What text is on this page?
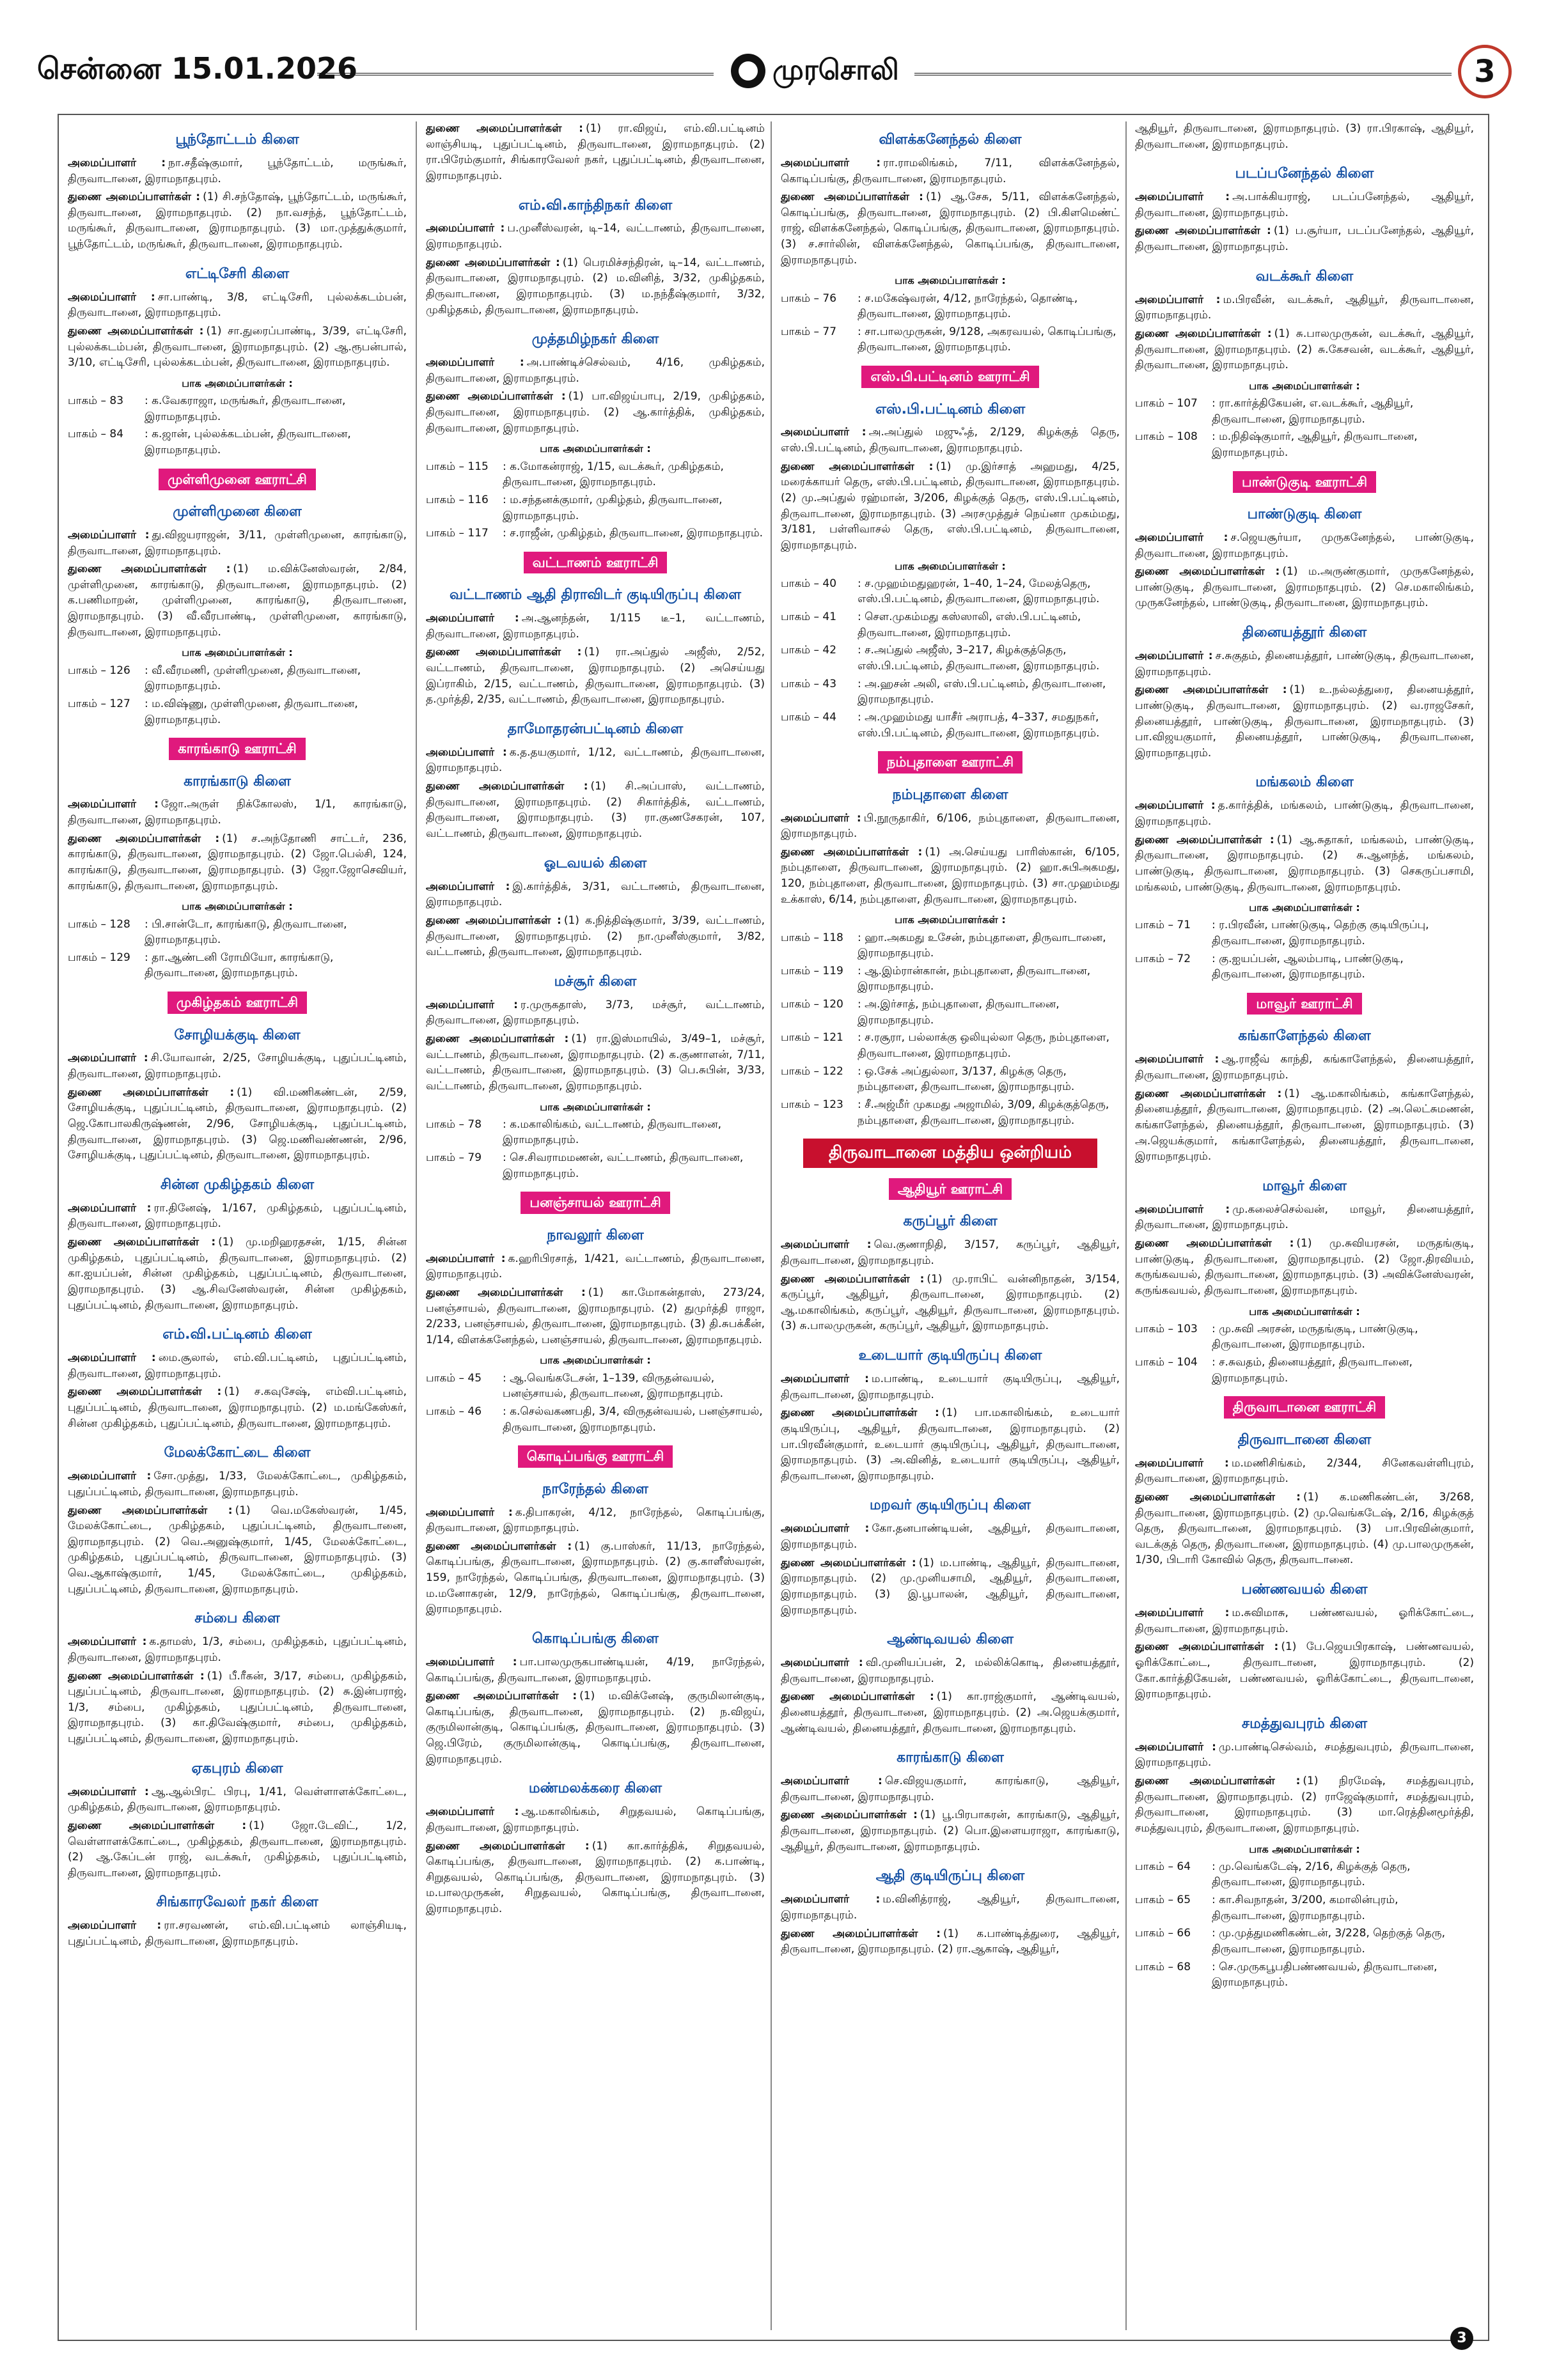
சென்னை 15.01.2026	முரசொலி	3
பூந்தோட்டம் கிளை

அமைப்பாளர் : நா.சதீஷ்குமார், பூந்தோட்டம், மருங்கூர், திருவாடானை, இராமநாதபுரம்.

துணை அமைப்பாளர்கள் : (1) சி.சந்தோஷ், பூந்தோட்டம், மருங்கூர், திருவாடானை, இராமநாதபுரம். (2) நா.வசந்த், பூந்தோட்டம், மருங்கூர், திருவாடானை, இராமநாதபுரம். (3) மா.முத்துக்குமார், பூந்தோட்டம், மருங்கூர், திருவாடானை, இராமநாதபுரம்.

எட்டிசேரி கிளை

அமைப்பாளர் : சா.பாண்டி, 3/8, எட்டிசேரி, புல்லக்கடம்பன், திருவாடானை, இராமநாதபுரம்.

துணை அமைப்பாளர்கள் : (1) சா.துரைப்பாண்டி, 3/39, எட்டிசேரி, புல்லக்கடம்பன், திருவாடானை, இராமநாதபுரம். (2) ஆ.ரூபன்பால், 3/10, எட்டிசேரி, புல்லக்கடம்பன், திருவாடானை, இராமநாதபுரம்.

பாக அமைப்பாளர்கள் :
பாகம் – 83	: க.வேகராஜா, மருங்கூர், திருவாடானை, இராமநாதபுரம்.
பாகம் – 84	: க.ஜான், புல்லக்கடம்பன், திருவாடானை, இராமநாதபுரம்.
முள்ளிமுனை ஊராட்சி
முள்ளிமுனை கிளை

அமைப்பாளர் : து.விஜயராஜன், 3/11, முள்ளிமுனை, காரங்காடு, திருவாடானை, இராமநாதபுரம்.

துணை அமைப்பாளர்கள் : (1) ம.விக்னேஸ்வரன், 2/84, முள்ளிமுனை, காரங்காடு, திருவாடானை, இராமநாதபுரம். (2) க.பணிமாறன், முள்ளிமுனை, காரங்காடு, திருவாடானை, இராமநாதபுரம். (3) வீ.வீரபாண்டி, முள்ளிமுனை, காரங்காடு, திருவாடானை, இராமநாதபுரம்.

பாக அமைப்பாளர்கள் :
பாகம் – 126	: வீ.வீரமணி, முள்ளிமுனை, திருவாடானை, இராமநாதபுரம்.
பாகம் – 127	: ம.விஷ்ணு, முள்ளிமுனை, திருவாடானை, இராமநாதபுரம்.
காரங்காடு ஊராட்சி
காரங்காடு கிளை

அமைப்பாளர் : ஜோ.அருள் நிக்கோலஸ், 1/1, காரங்காடு, திருவாடானை, இராமநாதபுரம்.

துணை அமைப்பாளர்கள் : (1) ச.அந்தோணி சாட்டர், 236, காரங்காடு, திருவாடானை, இராமநாதபுரம். (2) ஜோ.பெல்சி, 124, காரங்காடு, திருவாடானை, இராமநாதபுரம். (3) ஜோ.ஜோசெவியர், காரங்காடு, திருவாடானை, இராமநாதபுரம்.

பாக அமைப்பாளர்கள் :
பாகம் – 128	: பி.சான்டோ, காரங்காடு, திருவாடானை, இராமநாதபுரம்.
பாகம் – 129	: தா.ஆண்டனி ரோமியோ, காரங்காடு, திருவாடானை, இராமநாதபுரம்.
முகிழ்தகம் ஊராட்சி
சோழியக்குடி கிளை

அமைப்பாளர் : சி.யோவான், 2/25, சோழியக்குடி, புதுப்பட்டினம், திருவாடானை, இராமநாதபுரம்.

துணை அமைப்பாளர்கள் : (1) வி.மணிகண்டன், 2/59, சோழியக்குடி, புதுப்பட்டினம், திருவாடானை, இராமநாதபுரம். (2) ஜெ.கோபாலகிருஷ்ணன், 2/96, சோழியக்குடி, புதுப்பட்டினம், திருவாடானை, இராமநாதபுரம். (3) ஜெ.மணிவண்ணன், 2/96, சோழியக்குடி, புதுப்பட்டினம், திருவாடானை, இராமநாதபுரம்.

சின்ன முகிழ்தகம் கிளை

அமைப்பாளர் : ரா.தினேஷ், 1/167, முகிழ்தகம், புதுப்பட்டினம், திருவாடானை, இராமநாதபுரம்.

துணை அமைப்பாளர்கள் : (1) மு.மறிஹரதசன், 1/15, சின்ன முகிழ்தகம், புதுப்பட்டினம், திருவாடானை, இராமநாதபுரம். (2) கா.ஐயப்பன், சின்ன முகிழ்தகம், புதுப்பட்டினம், திருவாடானை, இராமநாதபுரம். (3) ஆ.சிவனேஸ்வரன், சின்ன முகிழ்தகம், புதுப்பட்டினம், திருவாடானை, இராமநாதபுரம்.

எம்.வி.பட்டினம் கிளை

அமைப்பாளர் : மை.சூலால், எம்.வி.பட்டினம், புதுப்பட்டினம், திருவாடானை, இராமநாதபுரம்.

துணை அமைப்பாளர்கள் : (1) ச.கவுசேஷ், எம்வி.பட்டினம், புதுப்பட்டினம், திருவாடானை, இராமநாதபுரம். (2) ம.மங்கேஸ்கர், சின்ன முகிழ்தகம், புதுப்பட்டினம், திருவாடானை, இராமநாதபுரம்.

மேலக்கோட்டை கிளை

அமைப்பாளர் : சோ.முத்து, 1/33, மேலக்கோட்டை, முகிழ்தகம், புதுப்பட்டினம், திருவாடானை, இராமநாதபுரம்.

துணை அமைப்பாளர்கள் : (1) வெ.மகேஸ்வரன், 1/45, மேலக்கோட்டை, முகிழ்தகம், புதுப்பட்டினம், திருவாடானை, இராமநாதபுரம். (2) வெ.அனுஷ்குமார், 1/45, மேலக்கோட்டை, முகிழ்தகம், புதுப்பட்டினம், திருவாடானை, இராமநாதபுரம். (3) வெ.ஆகாஷ்குமார், 1/45, மேலக்கோட்டை, முகிழ்தகம், புதுப்பட்டினம், திருவாடானை, இராமநாதபுரம்.

சம்பை கிளை

அமைப்பாளர் : க.தாமஸ், 1/3, சம்பை, முகிழ்தகம், புதுப்பட்டினம், திருவாடானை, இராமநாதபுரம்.

துணை அமைப்பாளர்கள் : (1) பீ.ரீகன், 3/17, சம்பை, முகிழ்தகம், புதுப்பட்டினம், திருவாடானை, இராமநாதபுரம். (2) சு.இன்பராஜ், 1/3, சம்பை, முகிழ்தகம், புதுப்பட்டினம், திருவாடானை, இராமநாதபுரம். (3) கா.திவேஷ்குமார், சம்பை, முகிழ்தகம், புதுப்பட்டினம், திருவாடானை, இராமநாதபுரம்.

ஏகபுரம் கிளை

அமைப்பாளர் : ஆ.ஆல்பிரட் பிரபு, 1/41, வெள்ளாளக்கோட்டை, முகிழ்தகம், திருவாடானை, இராமநாதபுரம்.

துணை அமைப்பாளர்கள் : (1) ஜோ.டேவிட், 1/2, வெள்ளாளக்கோட்டை, முகிழ்தகம், திருவாடானை, இராமநாதபுரம். (2) ஆ.கேப்டன் ராஜ், வடக்கூர், முகிழ்தகம், புதுப்பட்டினம், திருவாடானை, இராமநாதபுரம்.

சிங்காரவேலர் நகர் கிளை

அமைப்பாளர் : ரா.சரவணன், எம்.வி.பட்டினம் லாஞ்சியடி, புதுப்பட்டினம், திருவாடானை, இராமநாதபுரம்.

துணை அமைப்பாளர்கள் : (1) ரா.விஜய், எம்.வி.பட்டினம் லாஞ்சியடி, புதுப்பட்டினம், திருவாடானை, இராமநாதபுரம். (2) ரா.பிரேம்குமார், சிங்காரவேலர் நகர், புதுப்பட்டினம், திருவாடானை, இராமநாதபுரம்.

எம்.வி.காந்திநகர் கிளை

அமைப்பாளர் : ப.முனீஸ்வரன், டி–14, வட்டாணம், திருவாடானை, இராமநாதபுரம்.

துணை அமைப்பாளர்கள் : (1) பெரமிச்சந்திரன், டி–14, வட்டாணம், திருவாடானை, இராமநாதபுரம். (2) ம.வினித், 3/32, முகிழ்தகம், திருவாடானை, இராமநாதபுரம். (3) ம.நந்தீஷ்குமார், 3/32, முகிழ்தகம், திருவாடானை, இராமநாதபுரம்.

முத்தமிழ்நகர் கிளை

அமைப்பாளர் : அ.பாண்டிச்செல்வம், 4/16, முகிழ்தகம், திருவாடானை, இராமநாதபுரம்.

துணை அமைப்பாளர்கள் : (1) பா.விஜய்பாபு, 2/19, முகிழ்தகம், திருவாடானை, இராமநாதபுரம். (2) ஆ.கார்த்திக், முகிழ்தகம், திருவாடானை, இராமநாதபுரம்.

பாக அமைப்பாளர்கள் :
பாகம் – 115	: க.மோகன்ராஜ், 1/15, வடக்கூர், முகிழ்தகம், திருவாடானை, இராமநாதபுரம்.
பாகம் – 116	: ம.சந்தனக்குமார், முகிழ்தம், திருவாடானை, இராமநாதபுரம்.
பாகம் – 117	: ச.ராஜீன், முகிழ்தம், திருவாடானை, இராமநாதபுரம்.
வட்டாணம் ஊராட்சி
வட்டாணம் ஆதி திராவிடர் குடியிருப்பு கிளை

அமைப்பாளர் : அ.ஆனந்தன், 1/115 டீ–1, வட்டாணம், திருவாடானை, இராமநாதபுரம்.

துணை அமைப்பாளர்கள் : (1) ரா.அப்துல் அஜீஸ், 2/52, வட்டாணம், திருவாடானை, இராமநாதபுரம். (2) அசெய்யது இப்ராகிம், 2/15, வட்டாணம், திருவாடானை, இராமநாதபுரம். (3) த.முர்த்தி, 2/35, வட்டாணம், திருவாடானை, இராமநாதபுரம்.

தாமோதரன்பட்டினம் கிளை

அமைப்பாளர் : க.த.தயகுமார், 1/12, வட்டாணம், திருவாடானை, இராமநாதபுரம்.

துணை அமைப்பாளர்கள் : (1) சி.அப்பாஸ், வட்டாணம், திருவாடானை, இராமநாதபுரம். (2) சிகார்த்திக், வட்டாணம், திருவாடானை, இராமநாதபுரம். (3) ரா.குணசேகரன், 107, வட்டாணம், திருவாடானை, இராமநாதபுரம்.

ஓடவயல் கிளை

அமைப்பாளர் : இ.கார்த்திக், 3/31, வட்டாணம், திருவாடானை, இராமநாதபுரம்.

துணை அமைப்பாளர்கள் : (1) க.நித்திஷ்குமார், 3/39, வட்டாணம், திருவாடானை, இராமநாதபுரம். (2) நா.முனீஸ்குமார், 3/82, வட்டாணம், திருவாடானை, இராமநாதபுரம்.

மச்சூர் கிளை

அமைப்பாளர் : ர.முருகதாஸ், 3/73, மச்சூர், வட்டாணம், திருவாடானை, இராமநாதபுரம்.

துணை அமைப்பாளர்கள் : (1) ரா.இஸ்மாயில், 3/49–1, மச்சூர், வட்டாணம், திருவாடானை, இராமநாதபுரம். (2) க.குணாளன், 7/11, வட்டாணம், திருவாடானை, இராமநாதபுரம். (3) பெ.சுபின், 3/33, வட்டாணம், திருவாடானை, இராமநாதபுரம்.

பாக அமைப்பாளர்கள் :
பாகம் – 78	: க.மகாலிங்கம், வட்டாணம், திருவாடானை, இராமநாதபுரம்.
பாகம் – 79	: செ.சிவராமமணன், வட்டாணம், திருவாடானை, இராமநாதபுரம்.
பனஞ்சாயல் ஊராட்சி
நாவலூர் கிளை

அமைப்பாளர் : க.ஹரிபிரசாத், 1/421, வட்டாணம், திருவாடானை, இராமநாதபுரம்.

துணை அமைப்பாளர்கள் : (1) கா.மோகன்தாஸ், 273/24, பனஞ்சாயல், திருவாடானை, இராமநாதபுரம். (2) துமுர்த்தி ராஜா, 2/233, பனஞ்சாயல், திருவாடானை, இராமநாதபுரம். (3) தி.சுபக்கீன், 1/14, விளக்கனேந்தல், பனஞ்சாயல், திருவாடானை, இராமநாதபுரம்.

பாக அமைப்பாளர்கள் :
பாகம் – 45	: ஆ.வெங்கடேசன், 1–139, விருதன்வயல், பனஞ்சாயல், திருவாடானை, இராமநாதபுரம்.
பாகம் – 46	: க.செல்வகணபதி, 3/4, விருதன்வயல், பனஞ்சாயல், திருவாடானை, இராமநாதபுரம்.
கொடிப்பங்கு ஊராட்சி
நாரேந்தல் கிளை

அமைப்பாளர் : க.திபாகரன், 4/12, நாரேந்தல், கொடிப்பங்கு, திருவாடானை, இராமநாதபுரம்.

துணை அமைப்பாளர்கள் : (1) கு.பாஸ்கர், 11/13, நாரேந்தல், கொடிப்பங்கு, திருவாடானை, இராமநாதபுரம். (2) கு.காளீஸ்வரன், 159, நாரேந்தல், கொடிப்பங்கு, திருவாடானை, இராமநாதபுரம். (3) ம.மனோகரன், 12/9, நாரேந்தல், கொடிப்பங்கு, திருவாடானை, இராமநாதபுரம்.

கொடிப்பங்கு கிளை

அமைப்பாளர் : பா.பாலமுருகபாண்டியன், 4/19, நாரேந்தல், கொடிப்பங்கு, திருவாடானை, இராமநாதபுரம்.

துணை அமைப்பாளர்கள் : (1) ம.விக்னேஷ், குருமிலான்குடி, கொடிப்பங்கு, திருவாடானை, இராமநாதபுரம். (2) ந.விஜய், குருமிலான்குடி, கொடிப்பங்கு, திருவாடானை, இராமநாதபுரம். (3) ஜெ.பிரேம், குருமிலான்குடி, கொடிப்பங்கு, திருவாடானை, இராமநாதபுரம்.

மண்மலக்கரை கிளை

அமைப்பாளர் : ஆ.மகாலிங்கம், சிறுதவயல், கொடிப்பங்கு, திருவாடானை, இராமநாதபுரம்.

துணை அமைப்பாளர்கள் : (1) கா.கார்த்திக், சிறுதவயல், கொடிப்பங்கு, திருவாடானை, இராமநாதபுரம். (2) க.பாண்டி, சிறுதவயல், கொடிப்பங்கு, திருவாடானை, இராமநாதபுரம். (3) ம.பாலமுருகன், சிறுதவயல், கொடிப்பங்கு, திருவாடானை, இராமநாதபுரம்.

விளக்கனேந்தல் கிளை

அமைப்பாளர் : ரா.ராமலிங்கம், 7/11, விளக்கனேந்தல், கொடிப்பங்கு, திருவாடானை, இராமநாதபுரம்.

துணை அமைப்பாளர்கள் : (1) ஆ.சேசு, 5/11, விளக்கனேந்தல், கொடிப்பங்கு, திருவாடானை, இராமநாதபுரம். (2) பி.கிளமெண்ட் ராஜ், விளக்கனேந்தல், கொடிப்பங்கு, திருவாடானை, இராமநாதபுரம். (3) ச.சார்லின், விளக்கனேந்தல், கொடிப்பங்கு, திருவாடானை, இராமநாதபுரம்.

பாக அமைப்பாளர்கள் :
பாகம் – 76	: ச.மகேஷ்வரன், 4/12, நாரேந்தல், தொண்டி, திருவாடானை, இராமநாதபுரம்.
பாகம் – 77	: சா.பாலமுருகன், 9/128, அகரவயல், கொடிப்பங்கு, திருவாடானை, இராமநாதபுரம்.
எஸ்.பி.பட்டினம் ஊராட்சி
எஸ்.பி.பட்டினம் கிளை

அமைப்பாளர் : அ.அப்துல் மஜுஃத், 2/129, கிழக்குத் தெரு, எஸ்.பி.பட்டினம், திருவாடானை, இராமநாதபுரம்.

துணை அமைப்பாளர்கள் : (1) மு.இர்சாத் அஹமது, 4/25, மரைக்காயர் தெரு, எஸ்.பி.பட்டினம், திருவாடானை, இராமநாதபுரம். (2) மு.அப்துல் ரஹ்மான், 3/206, கிழக்குத் தெரு, எஸ்.பி.பட்டினம், திருவாடானை, இராமநாதபுரம். (3) அரசமுத்துச் நெய்னா முகம்மது, 3/181, பள்ளிவாசல் தெரு, எஸ்.பி.பட்டினம், திருவாடானை, இராமநாதபுரம்.

பாக அமைப்பாளர்கள் :
பாகம் – 40	: ச.முஹம்மதுஹரன், 1–40, 1–24, மேலத்தெரு, எஸ்.பி.பட்டினம், திருவாடானை, இராமநாதபுரம்.
பாகம் – 41	: சௌ.முகம்மது கஸ்ஸாலி, எஸ்.பி.பட்டினம், திருவாடானை, இராமநாதபுரம்.
பாகம் – 42	: ச.அப்துல் அஜீஸ், 3–217, கிழக்குத்தெரு, எஸ்.பி.பட்டினம், திருவாடானை, இராமநாதபுரம்.
பாகம் – 43	: அ.ஹசன் அலி, எஸ்.பி.பட்டினம், திருவாடானை, இராமநாதபுரம்.
பாகம் – 44	: அ.முஹம்மது யாசீர் அராபத், 4–337, சமதுநகர், எஸ்.பி.பட்டினம், திருவாடானை, இராமநாதபுரம்.
நம்புதாளை ஊராட்சி
நம்புதாளை கிளை

அமைப்பாளர் : பி.நூருதாகிர், 6/106, நம்புதாளை, திருவாடானை, இராமநாதபுரம்.

துணை அமைப்பாளர்கள் : (1) அ.செய்யது பாரிஸ்கான், 6/105, நம்புதாளை, திருவாடானை, இராமநாதபுரம். (2) ஹா.சுபிஅகமது, 120, நம்புதாளை, திருவாடானை, இராமநாதபுரம். (3) சா.முஹம்மது உக்காஸ், 6/14, நம்புதாளை, திருவாடானை, இராமநாதபுரம்.

பாக அமைப்பாளர்கள் :
பாகம் – 118	: ஹா.அகமது உசேன், நம்புதாளை, திருவாடானை, இராமநாதபுரம்.
பாகம் – 119	: ஆ.இம்ரான்கான், நம்புதாளை, திருவாடானை, இராமநாதபுரம்.
பாகம் – 120	: அ.இர்சாத், நம்புதாளை, திருவாடானை, இராமநாதபுரம்.
பாகம் – 121	: ச.ரசூரா, பல்லாக்கு ஒலியுல்லா தெரு, நம்புதாளை, திருவாடானை, இராமநாதபுரம்.
பாகம் – 122	: ஒ.சேக் அப்துல்லா, 3/137, கிழக்கு தெரு, நம்புதாளை, திருவாடானை, இராமநாதபுரம்.
பாகம் – 123	: சீ.அஜ்மீர் முகமது அஜாமில், 3/09, கிழக்குத்தெரு, நம்புதாளை, திருவாடானை, இராமநாதபுரம்.
திருவாடானை மத்திய ஒன்றியம்
ஆதியூர் ஊராட்சி
கருப்பூர் கிளை

அமைப்பாளர் : வெ.குணாநிதி, 3/157, கருப்பூர், ஆதியூர், திருவாடானை, இராமநாதபுரம்.

துணை அமைப்பாளர்கள் : (1) மு.ராபிட் வன்னிநாதன், 3/154, கருப்பூர், ஆதியூர், திருவாடானை, இராமநாதபுரம். (2) ஆ.மகாலிங்கம், கருப்பூர், ஆதியூர், திருவாடானை, இராமநாதபுரம். (3) சு.பாலமுருகன், கருப்பூர், ஆதியூர், இராமநாதபுரம்.

உடையார் குடியிருப்பு கிளை

அமைப்பாளர் : ம.பாண்டி, உடையார் குடியிருப்பு, ஆதியூர், திருவாடானை, இராமநாதபுரம்.

துணை அமைப்பாளர்கள் : (1) பா.மகாலிங்கம், உடையார் குடியிருப்பு, ஆதியூர், திருவாடானை, இராமநாதபுரம். (2) பா.பிரவீன்குமார், உடையார் குடியிருப்பு, ஆதியூர், திருவாடானை, இராமநாதபுரம். (3) அ.வினித், உடையார் குடியிருப்பு, ஆதியூர், திருவாடானை, இராமநாதபுரம்.

மறவர் குடியிருப்பு கிளை

அமைப்பாளர் : கோ.தனபாண்டியன், ஆதியூர், திருவாடானை, இராமநாதபுரம்.

துணை அமைப்பாளர்கள் : (1) ம.பாண்டி, ஆதியூர், திருவாடானை, இராமநாதபுரம். (2) மு.முனியசாமி, ஆதியூர், திருவாடானை, இராமநாதபுரம். (3) இ.பூபாலன், ஆதியூர், திருவாடானை, இராமநாதபுரம்.

ஆண்டிவயல் கிளை

அமைப்பாளர் : வி.முனியப்பன், 2, மல்லிக்கொடி, தினையத்தூர், திருவாடானை, இராமநாதபுரம்.

துணை அமைப்பாளர்கள் : (1) கா.ராஜ்குமார், ஆண்டிவயல், தினையத்தூர், திருவாடானை, இராமநாதபுரம். (2) அ.ஜெயக்குமார், ஆண்டிவயல், தினையத்தூர், திருவாடானை, இராமநாதபுரம்.

காரங்காடு கிளை

அமைப்பாளர் : செ.விஜயகுமார், காரங்காடு, ஆதியூர், திருவாடானை, இராமநாதபுரம்.

துணை அமைப்பாளர்கள் : (1) பூ.பிரபாகரன், காரங்காடு, ஆதியூர், திருவாடானை, இராமநாதபுரம். (2) பொ.இளையராஜா, காரங்காடு, ஆதியூர், திருவாடானை, இராமநாதபுரம்.

ஆதி குடியிருப்பு கிளை

அமைப்பாளர் : ம.வினித்ராஜ், ஆதியூர், திருவாடானை, இராமநாதபுரம்.

துணை அமைப்பாளர்கள் : (1) க.பாண்டித்துரை, ஆதியூர், திருவாடானை, இராமநாதபுரம். (2) ரா.ஆகாஷ், ஆதியூர்,

ஆதியூர், திருவாடானை, இராமநாதபுரம். (3) ரா.பிரகாஷ், ஆதியூர், திருவாடானை, இராமநாதபுரம்.

படப்பனேந்தல் கிளை

அமைப்பாளர் : அ.பாக்கியராஜ், படப்பனேந்தல், ஆதியூர், திருவாடானை, இராமநாதபுரம்.

துணை அமைப்பாளர்கள் : (1) ப.சூர்யா, படப்பனேந்தல், ஆதியூர், திருவாடானை, இராமநாதபுரம்.

வடக்கூர் கிளை

அமைப்பாளர் : ம.பிரவீன், வடக்கூர், ஆதியூர், திருவாடானை, இராமநாதபுரம்.

துணை அமைப்பாளர்கள் : (1) சு.பாலமுருகன், வடக்கூர், ஆதியூர், திருவாடானை, இராமநாதபுரம். (2) சு.கேசவன், வடக்கூர், ஆதியூர், திருவாடானை, இராமநாதபுரம்.

பாக அமைப்பாளர்கள் :
பாகம் – 107	: ரா.கார்த்திகேயன், எ.வடக்கூர், ஆதியூர், திருவாடானை, இராமநாதபுரம்.
பாகம் – 108	: ம.நிதிஷ்குமார், ஆதியூர், திருவாடானை, இராமநாதபுரம்.
பாண்டுகுடி ஊராட்சி
பாண்டுகுடி கிளை

அமைப்பாளர் : ச.ஜெயசூர்யா, முருகனேந்தல், பாண்டுகுடி, திருவாடானை, இராமநாதபுரம்.

துணை அமைப்பாளர்கள் : (1) ம.அருண்குமார், முருகனேந்தல், பாண்டுகுடி, திருவாடானை, இராமநாதபுரம். (2) செ.மகாலிங்கம், முருகனேந்தல், பாண்டுகுடி, திருவாடானை, இராமநாதபுரம்.

தினையத்தூர் கிளை

அமைப்பாளர் : ச.சுகுதம், தினையத்தூர், பாண்டுகுடி, திருவாடானை, இராமநாதபுரம்.

துணை அமைப்பாளர்கள் : (1) உ.நல்லத்துரை, தினையத்தூர், பாண்டுகுடி, திருவாடானை, இராமநாதபுரம். (2) வ.ராஜசேகர், தினையத்தூர், பாண்டுகுடி, திருவாடானை, இராமநாதபுரம். (3) பா.விஜயகுமார், தினையத்தூர், பாண்டுகுடி, திருவாடானை, இராமநாதபுரம்.

மங்கலம் கிளை

அமைப்பாளர் : த.கார்த்திக், மங்கலம், பாண்டுகுடி, திருவாடானை, இராமநாதபுரம்.

துணை அமைப்பாளர்கள் : (1) ஆ.சுதாகர், மங்கலம், பாண்டுகுடி, திருவாடானை, இராமநாதபுரம். (2) சு.ஆனந்த், மங்கலம், பாண்டுகுடி, திருவாடானை, இராமநாதபுரம். (3) செகருப்பசாமி, மங்கலம், பாண்டுகுடி, திருவாடானை, இராமநாதபுரம்.

பாக அமைப்பாளர்கள் :
பாகம் – 71	: ர.பிரவீன், பாண்டுகுடி, தெற்கு குடியிருப்பு, திருவாடானை, இராமநாதபுரம்.
பாகம் – 72	: கு.ஐயப்பன், ஆலம்பாடி, பாண்டுகுடி, திருவாடானை, இராமநாதபுரம்.
மாவூர் ஊராட்சி
கங்காளேந்தல் கிளை

அமைப்பாளர் : ஆ.ராஜீவ் காந்தி, கங்காளேந்தல், தினையத்தூர், திருவாடானை, இராமநாதபுரம்.

துணை அமைப்பாளர்கள் : (1) ஆ.மகாலிங்கம், கங்காளேந்தல், தினையத்தூர், திருவாடானை, இராமநாதபுரம். (2) அ.லெட்சுமணன், கங்காளேந்தல், தினையத்தூர், திருவாடானை, இராமநாதபுரம். (3) அ.ஜெயக்குமார், கங்காளேந்தல், தினையத்தூர், திருவாடானை, இராமநாதபுரம்.

மாவூர் கிளை

அமைப்பாளர் : மு.கலைச்செல்வன், மாவூர், தினையத்தூர், திருவாடானை, இராமநாதபுரம்.

துணை அமைப்பாளர்கள் : (1) மு.சுவியரசன், மருதங்குடி, பாண்டுகுடி, திருவாடானை, இராமநாதபுரம். (2) ஜோ.திரவியம், கருங்கவயல், திருவாடானை, இராமநாதபுரம். (3) அவிக்னேஸ்வரன், கருங்கவயல், திருவாடானை, இராமநாதபுரம்.

பாக அமைப்பாளர்கள் :
பாகம் – 103	: மு.சுவி அரசன், மருதங்குடி, பாண்டுகுடி, திருவாடானை, இராமநாதபுரம்.
பாகம் – 104	: ச.சுவதம், தினையத்தூர், திருவாடானை, இராமநாதபுரம்.
திருவாடானை ஊராட்சி
திருவாடானை கிளை

அமைப்பாளர் : ம.மணிசிங்கம், 2/344, சினேகவள்ளிபுரம், திருவாடானை, இராமநாதபுரம்.

துணை அமைப்பாளர்கள் : (1) க.மணிகண்டன், 3/268, திருவாடானை, இராமநாதபுரம். (2) மு.வெங்கடேஷ், 2/16, கிழக்குத் தெரு, திருவாடானை, இராமநாதபுரம். (3) பா.பிரவின்குமார், வடக்குத் தெரு, திருவாடானை, இராமநாதபுரம். (4) மு.பாலமுருகன், 1/30, பிடாரி கோவில் தெரு, திருவாடானை.

பண்ணவயல் கிளை

அமைப்பாளர் : ம.சுவிமாசு, பண்ணவயல், ஓரிக்கோட்டை, திருவாடானை, இராமநாதபுரம்.

துணை அமைப்பாளர்கள் : (1) பே.ஜெயபிரகாஷ், பண்ணவயல், ஓரிக்கோட்டை, திருவாடானை, இராமநாதபுரம். (2) கோ.கார்த்திகேயன், பண்ணவயல், ஓரிக்கோட்டை, திருவாடானை, இராமநாதபுரம்.

சமத்துவபுரம் கிளை

அமைப்பாளர் : மு.பாண்டிசெல்வம், சமத்துவபுரம், திருவாடானை, இராமநாதபுரம்.

துணை அமைப்பாளர்கள் : (1) நிரமேஷ், சமத்துவபுரம், திருவாடானை, இராமநாதபுரம். (2) ராஜேஷ்குமார், சமத்துவபுரம், திருவாடானை, இராமநாதபுரம். (3) மா.ரெத்தினமூர்த்தி, சமத்துவபுரம், திருவாடானை, இராமநாதபுரம்.

பாக அமைப்பாளர்கள் :
பாகம் – 64	: மு.வெங்கடேஷ், 2/16, கிழக்குத் தெரு, திருவாடானை, இராமநாதபுரம்.
பாகம் – 65	: கா.சிவநாதன், 3/200, கமாலின்புரம், திருவாடானை, இராமநாதபுரம்.
பாகம் – 66	: மு.முத்துமணிகண்டன், 3/228, தெற்குத் தெரு, திருவாடானை, இராமநாதபுரம்.
பாகம் – 68	: செ.முருகபூபதிபண்ணவயல், திருவாடானை, இராமநாதபுரம்.
3
